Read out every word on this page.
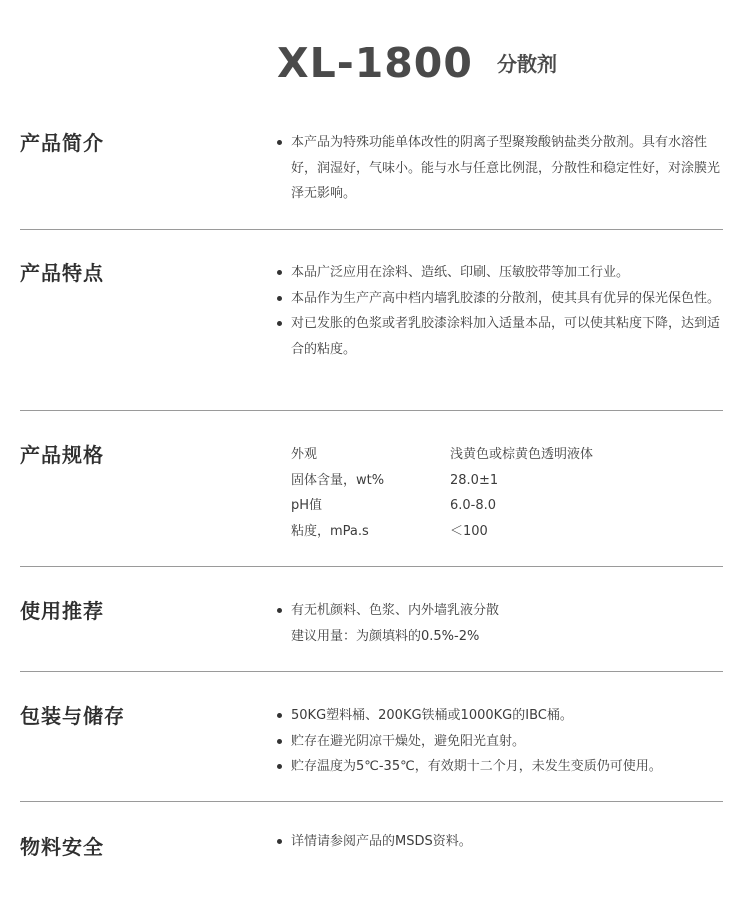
XL-1800 分散剂
产品简介	本产品为特殊功能单体改性的阴离子型聚羧酸钠盐类分散剂。具有水溶性好，润湿好，气味小。能与水与任意比例混，分散性和稳定性好，对涂膜光泽无影响。
产品特点	本品广泛应用在涂料、造纸、印刷、压敏胶带等加工行业。
本品作为生产产高中档内墙乳胶漆的分散剂，使其具有优异的保光保色性。
对已发胀的色浆或者乳胶漆涂料加入适量本品，可以使其粘度下降，达到适合的粘度。
产品规格	外观	浅黄色或棕黄色透明液体
固体含量，wt%	28.0±1
pH值	6.0-8.0
粘度，mPa.s	＜100
使用推荐	有无机颜料、色浆、内外墙乳液分散
建议用量：为颜填料的0.5%-2%
包装与储存	50KG塑料桶、200KG铁桶或1000KG的IBC桶。
贮存在避光阴凉干燥处，避免阳光直射。
贮存温度为5℃-35℃，有效期十二个月，未发生变质仍可使用。
物料安全	详情请参阅产品的MSDS资料。
